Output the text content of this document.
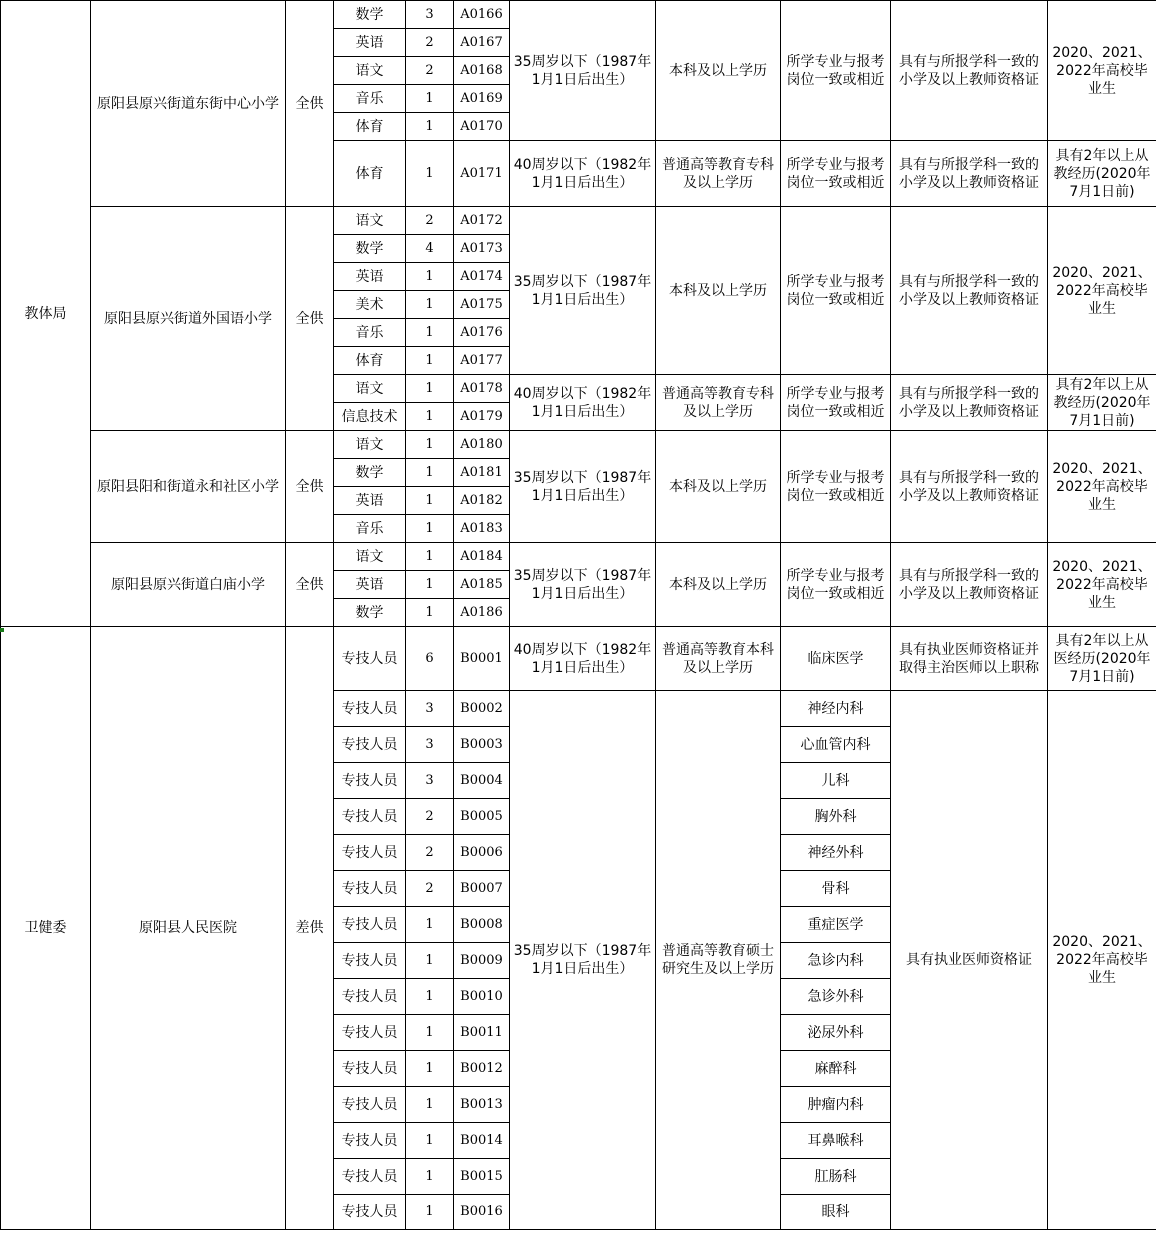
教体局	原阳县原兴街道东街中心小学	全供	数学	3	A0166	35周岁以下（1987年1月1日后出生）	本科及以上学历	所学专业与报考岗位一致或相近	具有与所报学科一致的小学及以上教师资格证	2020、2021、2022年高校毕业生
			英语	2	A0167					
			语文	2	A0168					
			音乐	1	A0169					
			体育	1	A0170					
			体育	1	A0171	40周岁以下（1982年1月1日后出生）	普通高等教育专科及以上学历	所学专业与报考岗位一致或相近	具有与所报学科一致的小学及以上教师资格证	具有2年以上从教经历(2020年7月1日前)
	原阳县原兴街道外国语小学	全供	语文	2	A0172	35周岁以下（1987年1月1日后出生）	本科及以上学历	所学专业与报考岗位一致或相近	具有与所报学科一致的小学及以上教师资格证	2020、2021、2022年高校毕业生
			数学	4	A0173					
			英语	1	A0174					
			美术	1	A0175					
			音乐	1	A0176					
			体育	1	A0177					
			语文	1	A0178	40周岁以下（1982年1月1日后出生）	普通高等教育专科及以上学历	所学专业与报考岗位一致或相近	具有与所报学科一致的小学及以上教师资格证	具有2年以上从教经历(2020年7月1日前)
			信息技术	1	A0179					
	原阳县阳和街道永和社区小学	全供	语文	1	A0180	35周岁以下（1987年1月1日后出生）	本科及以上学历	所学专业与报考岗位一致或相近	具有与所报学科一致的小学及以上教师资格证	2020、2021、2022年高校毕业生
			数学	1	A0181					
			英语	1	A0182					
			音乐	1	A0183					
	原阳县原兴街道白庙小学	全供	语文	1	A0184	35周岁以下（1987年1月1日后出生）	本科及以上学历	所学专业与报考岗位一致或相近	具有与所报学科一致的小学及以上教师资格证	2020、2021、2022年高校毕业生
			英语	1	A0185					
			数学	1	A0186					
卫健委	原阳县人民医院	差供	专技人员	6	B0001	40周岁以下（1982年1月1日后出生）	普通高等教育本科及以上学历	临床医学	具有执业医师资格证并取得主治医师以上职称	具有2年以上从医经历(2020年7月1日前)
			专技人员	3	B0002	35周岁以下（1987年1月1日后出生）	普通高等教育硕士研究生及以上学历	神经内科	具有执业医师资格证	2020、2021、2022年高校毕业生
			专技人员	3	B0003			心血管内科		
			专技人员	3	B0004			儿科		
			专技人员	2	B0005			胸外科		
			专技人员	2	B0006			神经外科		
			专技人员	2	B0007			骨科		
			专技人员	1	B0008			重症医学		
			专技人员	1	B0009			急诊内科		
			专技人员	1	B0010			急诊外科		
			专技人员	1	B0011			泌尿外科		
			专技人员	1	B0012			麻醉科		
			专技人员	1	B0013			肿瘤内科		
			专技人员	1	B0014			耳鼻喉科		
			专技人员	1	B0015			肛肠科		
			专技人员	1	B0016			眼科		
